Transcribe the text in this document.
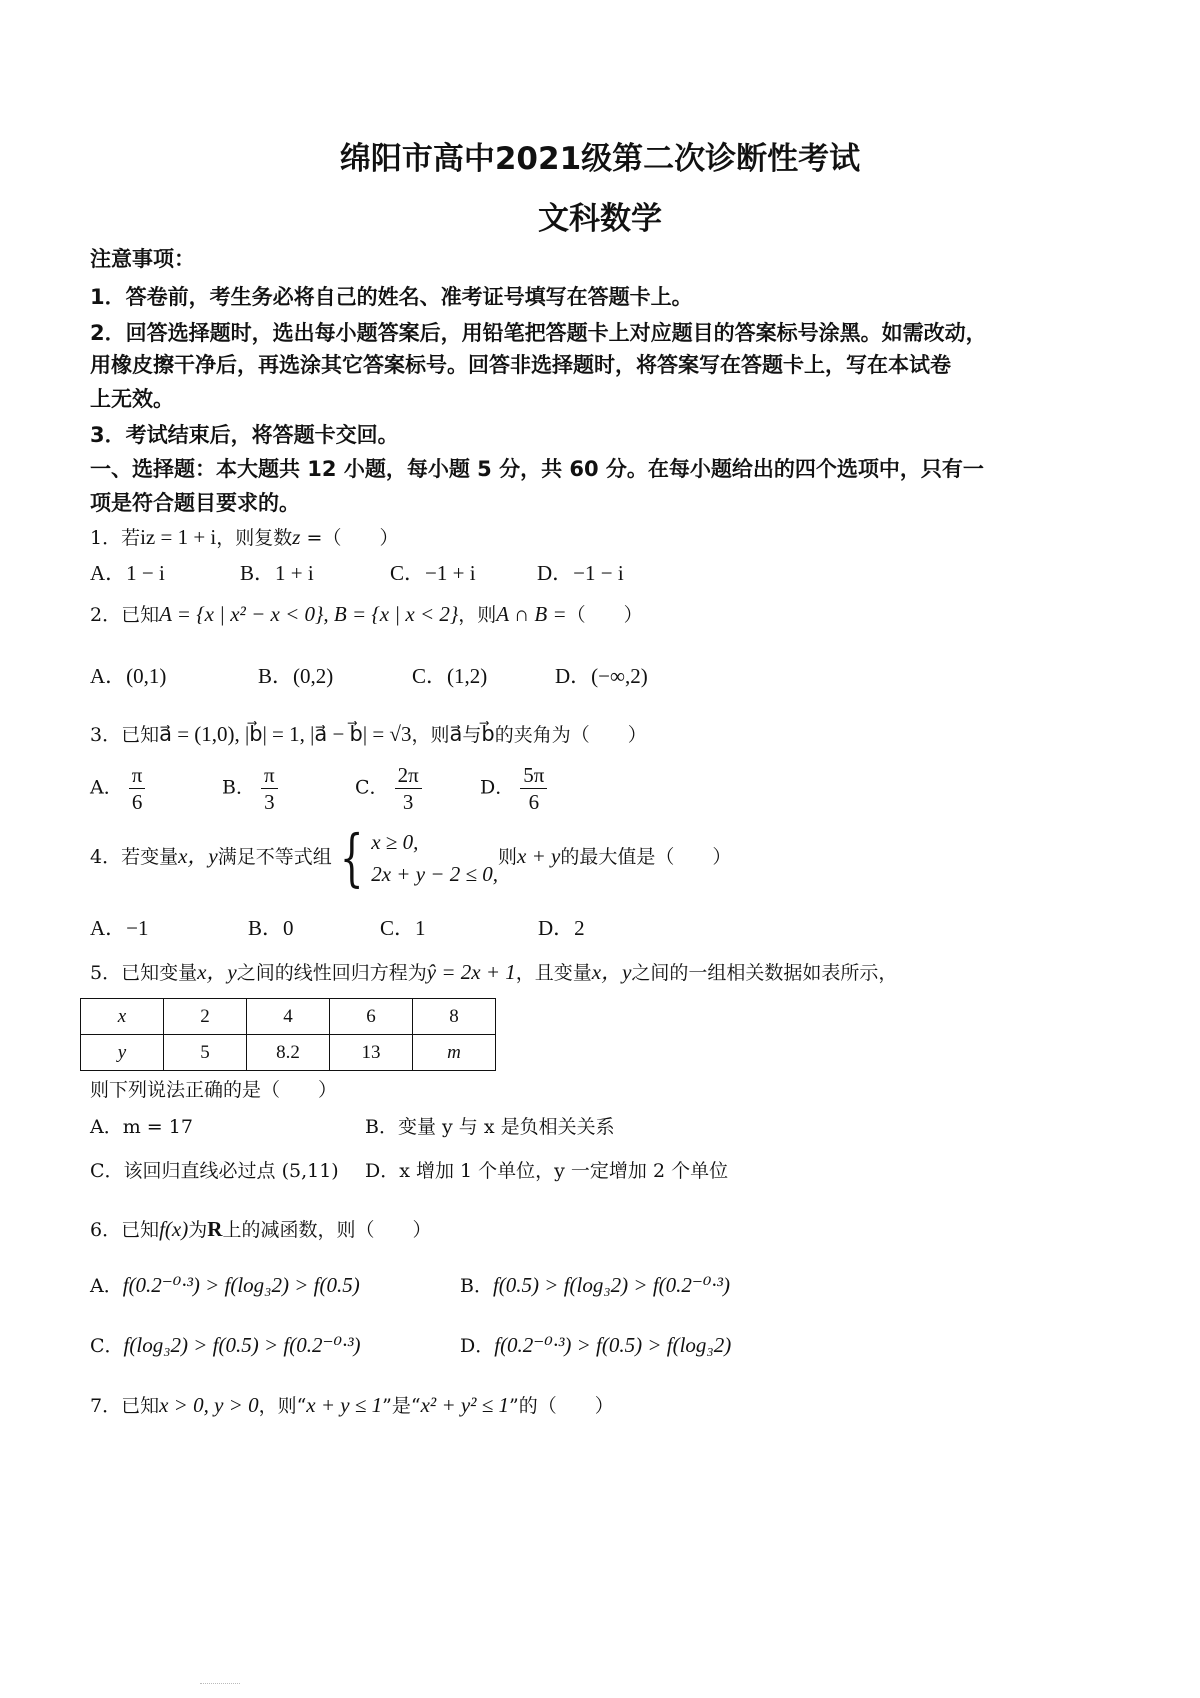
绵阳市高中2021级第二次诊断性考试
文科数学
注意事项：
1．答卷前，考生务必将自己的姓名、准考证号填写在答题卡上。
2．回答选择题时，选出每小题答案后，用铅笔把答题卡上对应题目的答案标号涂黑。如需改动，
用橡皮擦干净后，再选涂其它答案标号。回答非选择题时，将答案写在答题卡上，写在本试卷
上无效。
3．考试结束后，将答题卡交回。
一、选择题：本大题共 12 小题，每小题 5 分，共 60 分。在每小题给出的四个选项中，只有一
项是符合题目要求的。
1．若iz = 1 + i，则复数z =（　　）
A．1 − i	B．1 + i	C．−1 + i	D．−1 − i
2．已知A = {x | x² − x < 0}, B = {x | x < 2}，则A ∩ B =（　　）
A．(0,1)	B．(0,2)	C．(1,2)	D．(−∞,2)
3．已知a⃗ = (1,0), |b⃗| = 1, |a⃗ − b⃗| = √3，则a⃗与b⃗的夹角为（　　）
A． $\frac{\pi}{6}$	B． $\frac{\pi}{3}$	C． $\frac{2\pi}{3}$	D． $\frac{5\pi}{6}$
4．若变量x，y满足不等式组 { x ≥ 0,
2x + y − 2 ≤ 0,
则x + y的最大值是（　　）
A．−1	B．0	C．1	D．2
5．已知变量x，y之间的线性回归方程为ŷ = 2x + 1，且变量x，y之间的一组相关数据如表所示，
x	2	4	6	8
y	5	8.2	13	m
则下列说法正确的是（　　）
A．m = 17	B．变量 y 与 x 是负相关关系
C．该回归直线必过点 (5,11) D．x 增加 1 个单位，y 一定增加 2 个单位
6．已知f(x)为R上的减函数，则（　　）
A．f(0.2⁻⁰·³) > f(log₃2) > f(0.5)	B．f(0.5) > f(log₃2) > f(0.2⁻⁰·³)
C．f(log₃2) > f(0.5) > f(0.2⁻⁰·³)	D．f(0.2⁻⁰·³) > f(0.5) > f(log₃2)
7．已知x > 0, y > 0，则“x + y ≤ 1”是“x² + y² ≤ 1”的（　　）
